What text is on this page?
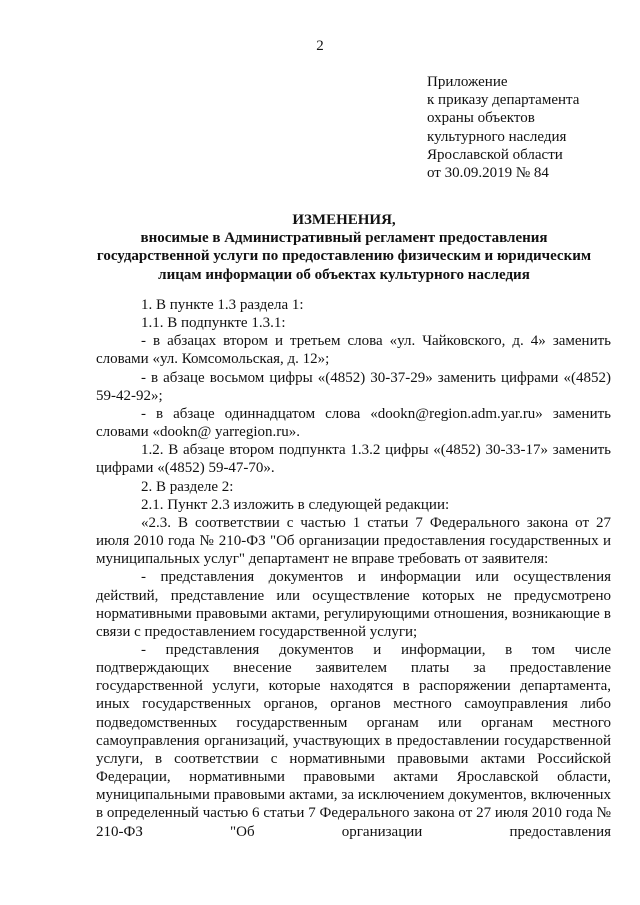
2
Приложение
к приказу департамента
охраны объектов
культурного наследия
Ярославской области
от 30.09.2019 № 84
ИЗМЕНЕНИЯ,
вносимые в Административный регламент предоставления
государственной услуги по предоставлению физическим и юридическим
лицам информации об объектах культурного наследия
1. В пункте 1.3 раздела 1:
1.1. В подпункте 1.3.1:
- в абзацах втором и третьем слова «ул. Чайковского, д. 4» заменить словами «ул. Комсомольская, д. 12»;
- в абзаце восьмом цифры «(4852) 30-37-29» заменить цифрами «(4852) 59-42-92»;
- в абзаце одиннадцатом слова «dookn@region.adm.yar.ru» заменить словами «dookn@ yarregion.ru».
1.2. В абзаце втором подпункта 1.3.2 цифры «(4852) 30-33-17» заменить цифрами «(4852) 59-47-70».
2. В разделе 2:
2.1. Пункт 2.3 изложить в следующей редакции:
«2.3. В соответствии с частью 1 статьи 7 Федерального закона от 27 июля 2010 года № 210-ФЗ "Об организации предоставления государственных и муниципальных услуг" департамент не вправе требовать от заявителя:
- представления документов и информации или осуществления действий, представление или осуществление которых не предусмотрено нормативными правовыми актами, регулирующими отношения, возникающие в связи с предоставлением государственной услуги;
- представления документов и информации, в том числе подтверждающих внесение заявителем платы за предоставление государственной услуги, которые находятся в распоряжении департамента, иных государственных органов, органов местного самоуправления либо подведомственных государственным органам или органам местного самоуправления организаций, участвующих в предоставлении государственной услуги, в соответствии с нормативными правовыми актами Российской Федерации, нормативными правовыми актами Ярославской области, муниципальными правовыми актами, за исключением документов, включенных в определенный частью 6 статьи 7 Федерального закона от 27 июля 2010 года № 210-ФЗ "Об организации предоставления
